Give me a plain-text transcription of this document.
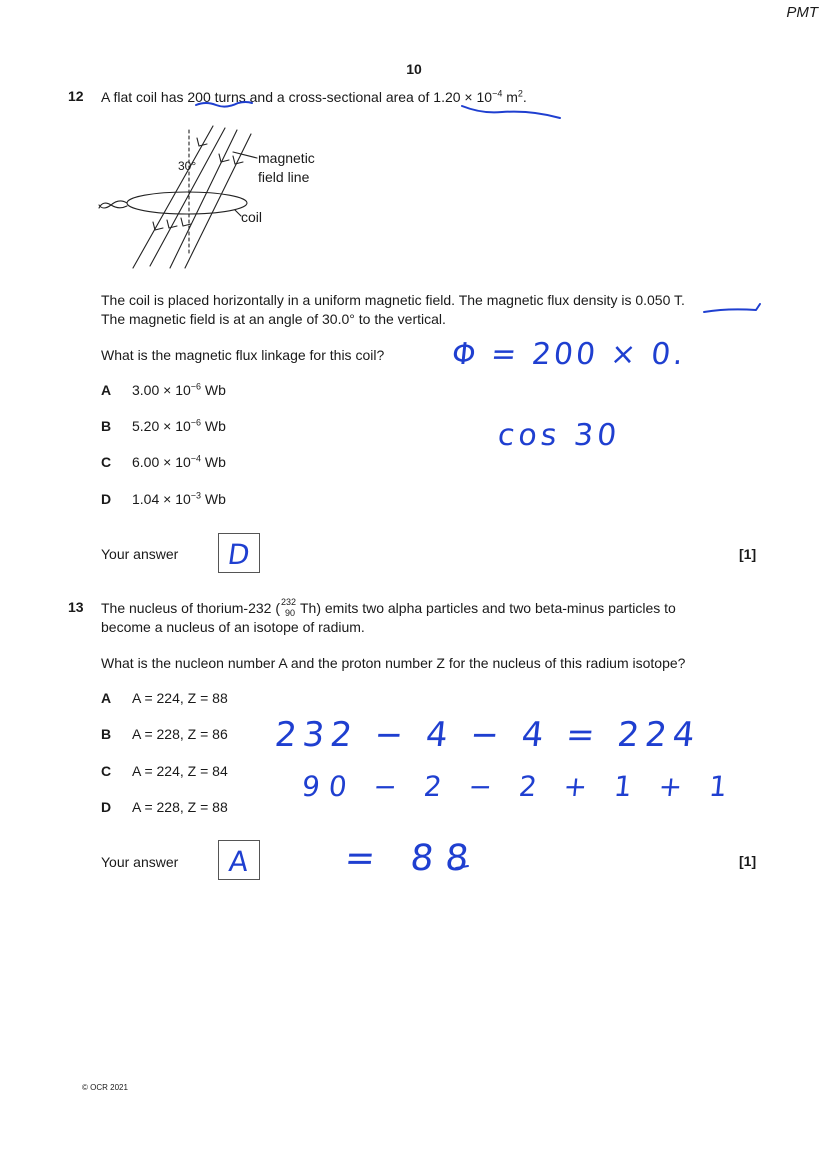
PMT
10
12 A flat coil has 200 turns and a cross-sectional area of $1.20 \times 10^{-4}$ $m^2$.
30°	magnetic
field line
coil
The coil is placed horizontally in a uniform magnetic field. The magnetic flux density is 0.050 T.
The magnetic field is at an angle of 30.0° to the vertical.
What is the magnetic flux linkage for this coil?
A $3.00 \times 10^{-6}$ Wb
B $5.20 \times 10^{-6}$ Wb
C $6.00 \times 10^{-4}$ Wb
D $1.04 \times 10^{-3}$ Wb
Your answer D	[1]
13 The nucleus of thorium-232 ( 232
90 Th) emits two alpha particles and two beta-minus particles to
become a nucleus of an isotope of radium.
What is the nucleon number A and the proton number Z for the nucleus of this radium isotope?
A A = 224, Z = 88
B A = 228, Z = 86
C A = 224, Z = 84
D A = 228, Z = 88
Your answer A	[1]
Φ = 200 × 0.
cos 30
232 − 4 − 4 = 224
90 − 2 − 2 + 1 + 1
= 88
© OCR 2021
